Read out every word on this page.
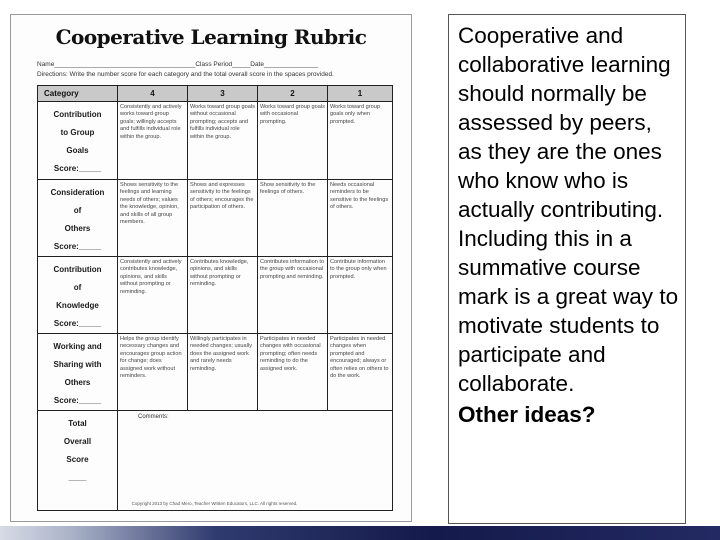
Cooperative Learning Rubric
Name_______________________________________Class Period_____Date_______________
Directions: Write the number score for each category and the total overall score in the spaces provided.
Category	4	3	2	1

Contribution
to Group
Goals
Score:_____	Consistently and actively works toward group goals; willingly accepts and fulfills individual role within the group.	Works toward group goals without occasional prompting; accepts and fulfills individual role within the group.	Works toward group goals with occasional prompting.	Works toward group goals only when prompted.

Consideration
of
Others
Score:_____	Shows sensitivity to the feelings and learning needs of others; values the knowledge, opinion, and skills of all group members.	Shows and expresses sensitivity to the feelings of others; encourages the participation of others.	Show sensitivity to the feelings of others.	Needs occasional reminders to be sensitive to the feelings of others.

Contribution
of
Knowledge
Score:_____	Consistently and actively contributes knowledge, opinions, and skills without prompting or reminding.	Contributes knowledge, opinions, and skills without prompting or reminding.	Contributes information to the group with occasional prompting and reminding.	Contribute information to the group only when prompted.

Working and
Sharing with
Others
Score:_____	Helps the group identify necessary changes and encourages group action for change; does assigned work without reminders.	Willingly participates in needed changes; usually does the assigned work and rarely needs reminding.	Participates in needed changes with occasional prompting; often needs reminding to do the assigned work.	Participates in needed changes when prompted and encouraged; always or often relies on others to do the work.

Total
Overall
Score
____	Comments:			
Copyright 2013 by Chad Mero, Teacher Written Educators, LLC. All rights reserved.
Cooperative and collaborative learning should normally be assessed by peers, as they are the ones who know who is actually contributing. Including this in a summative course mark is a great way to motivate students to participate and collaborate.
Other ideas?
